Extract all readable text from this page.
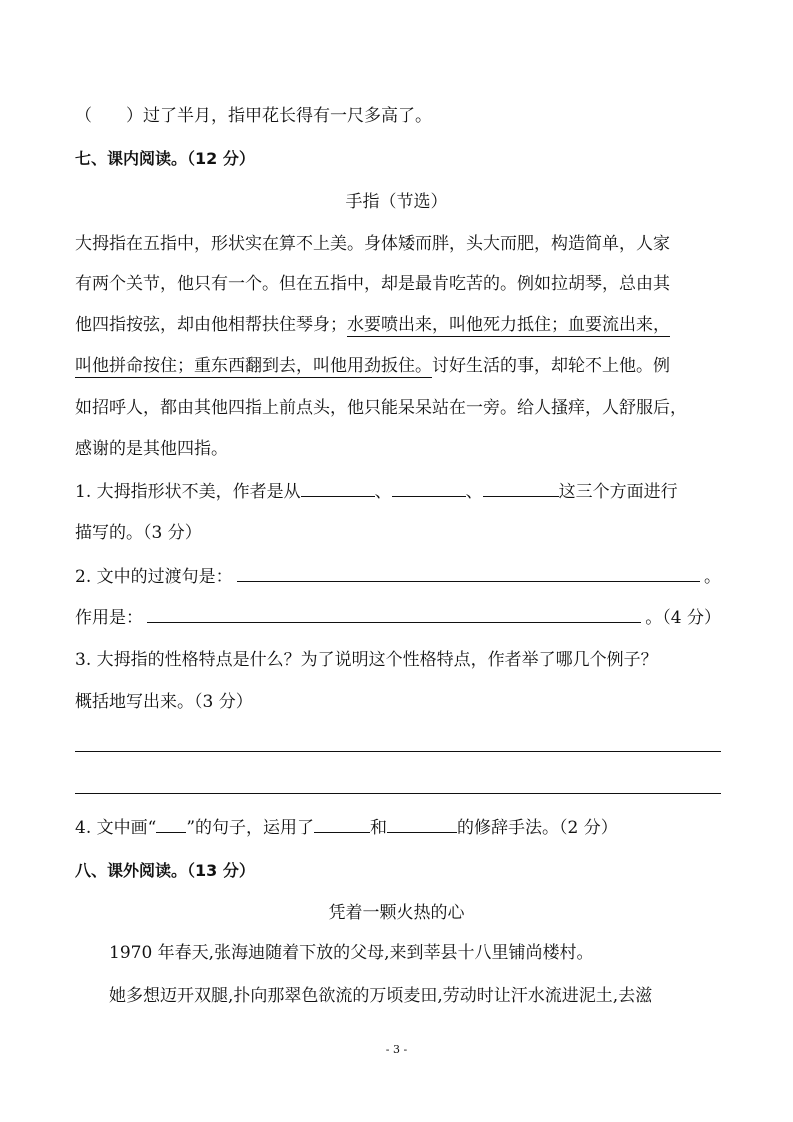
（　　）过了半月，指甲花长得有一尺多高了。
七、课内阅读。（12 分）
手指（节选）
大拇指在五指中，形状实在算不上美。身体矮而胖，头大而肥，构造简单，人家
有两个关节，他只有一个。但在五指中，却是最肯吃苦的。例如拉胡琴，总由其
他四指按弦，却由他相帮扶住琴身；水要喷出来，叫他死力抵住；血要流出来，
叫他拼命按住；重东西翻到去，叫他用劲扳住。讨好生活的事，却轮不上他。例
如招呼人，都由其他四指上前点头，他只能呆呆站在一旁。给人搔痒，人舒服后，
感谢的是其他四指。
1. 大拇指形状不美，作者是从	、	、	这三个方面进行
描写的。（3 分）
2. 文中的过渡句是：	。
作用是：	。（4 分）
3. 大拇指的性格特点是什么？为了说明这个性格特点，作者举了哪几个例子？
概括地写出来。（3 分）
4. 文中画“ ”的句子，运用了	和	的修辞手法。（2 分）
八、课外阅读。（13 分）
凭着一颗火热的心
1970 年春天,张海迪随着下放的父母,来到莘县十八里铺尚楼村。
她多想迈开双腿,扑向那翠色欲流的万顷麦田,劳动时让汗水流进泥土,去滋
- 3 -
